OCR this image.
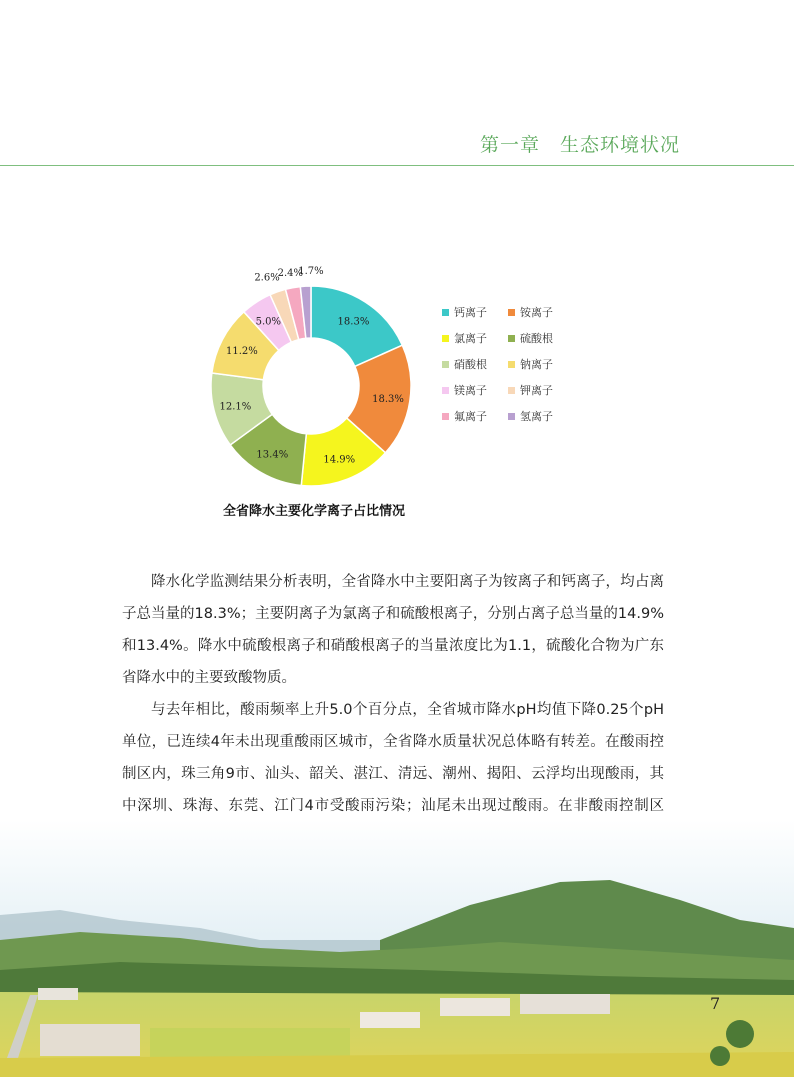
第一章　生态环境状况
18.3%
18.3%
14.9%
13.4%
12.1%
11.2%
5.0%
2.6%
2.4%
1.7%
钙离子	铵离子
氯离子	硫酸根
硝酸根	钠离子
镁离子	钾离子
氟离子	氢离子
全省降水主要化学离子占比情况

降水化学监测结果分析表明，全省降水中主要阳离子为铵离子和钙离子，均占离子总当量的18.3%；主要阴离子为氯离子和硫酸根离子，分别占离子总当量的14.9%和13.4%。降水中硫酸根离子和硝酸根离子的当量浓度比为1.1，硫酸化合物为广东省降水中的主要致酸物质。

与去年相比，酸雨频率上升5.0个百分点，全省城市降水pH均值下降0.25个pH单位，已连续4年未出现重酸雨区城市，全省降水质量状况总体略有转差。在酸雨控制区内，珠三角9市、汕头、韶关、湛江、清远、潮州、揭阳、云浮均出现酸雨，其中深圳、珠海、东莞、江门4市受酸雨污染；汕尾未出现过酸雨。在非酸雨控制区

7
